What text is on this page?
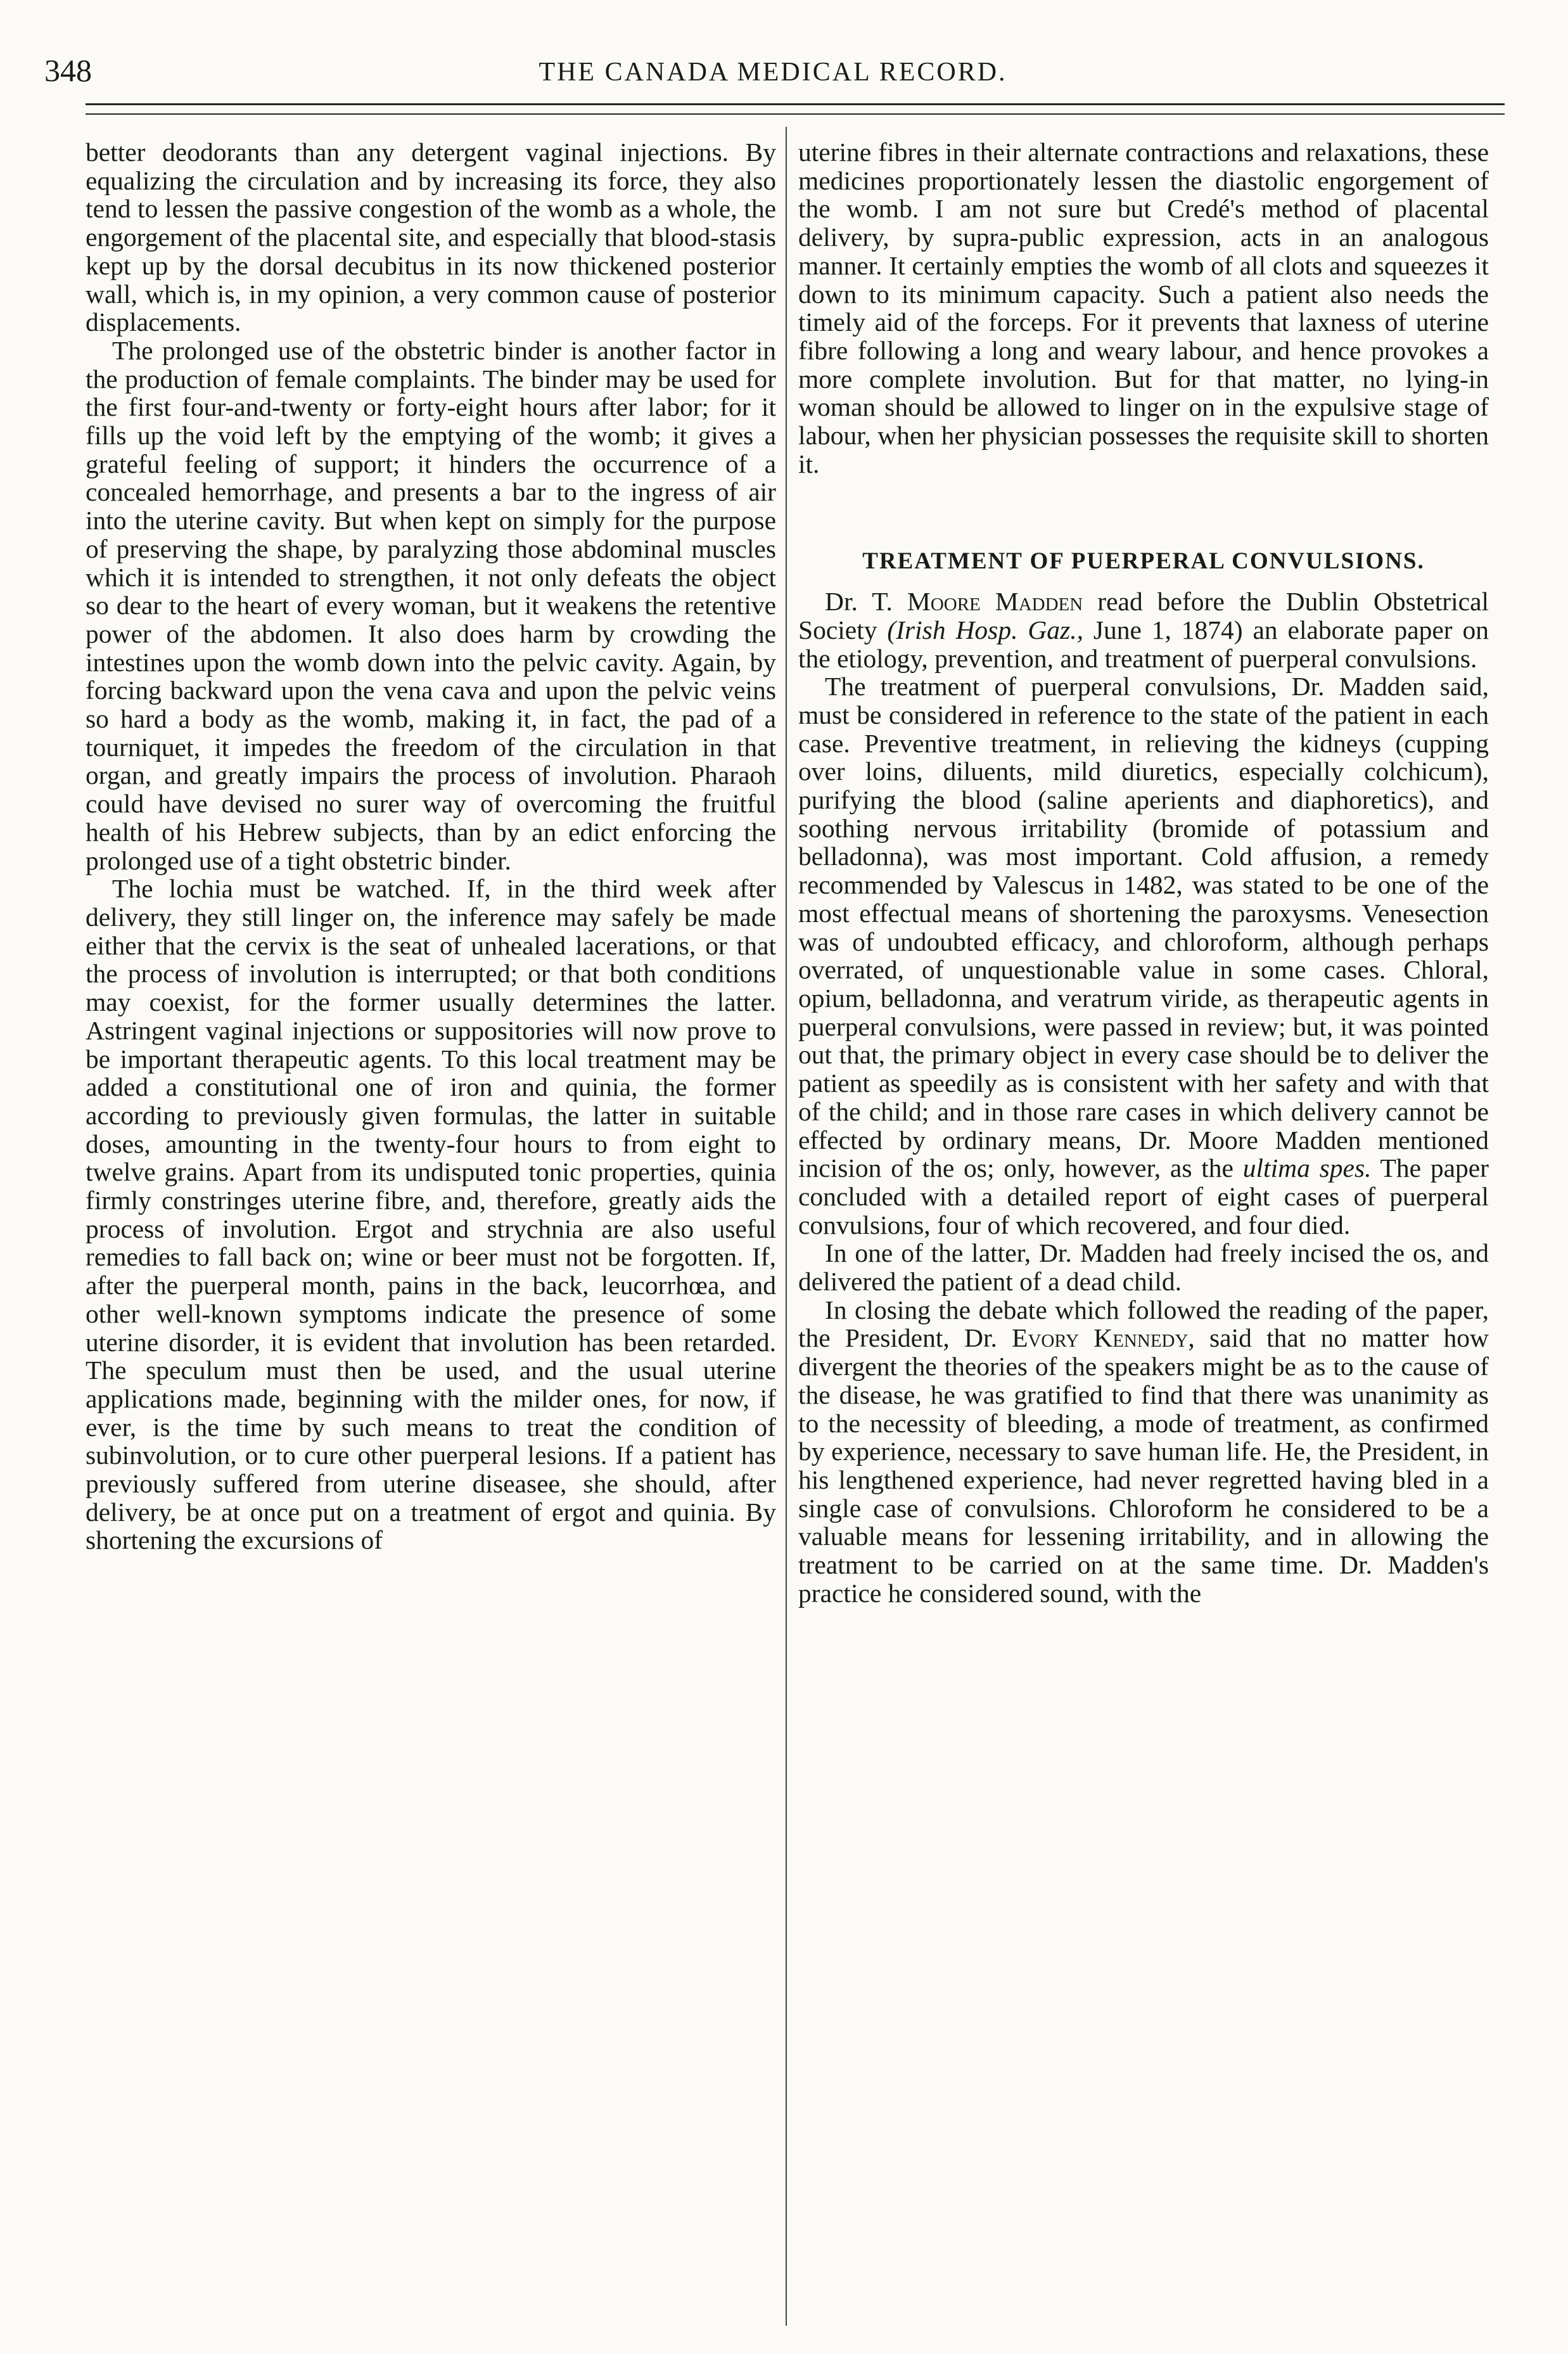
348	THE CANADA MEDICAL RECORD.

better deodorants than any detergent vaginal injections. By equalizing the circulation and by increasing its force, they also tend to lessen the passive congestion of the womb as a whole, the engorgement of the placental site, and especially that blood-stasis kept up by the dorsal decubitus in its now thickened posterior wall, which is, in my opinion, a very common cause of posterior displacements.

The prolonged use of the obstetric binder is another factor in the production of female complaints. The binder may be used for the first four-and-twenty or forty-eight hours after labor; for it fills up the void left by the emptying of the womb; it gives a grateful feeling of support; it hinders the occurrence of a concealed hemorrhage, and presents a bar to the ingress of air into the uterine cavity. But when kept on simply for the purpose of preserving the shape, by paralyzing those abdominal muscles which it is intended to strengthen, it not only defeats the object so dear to the heart of every woman, but it weakens the retentive power of the abdomen. It also does harm by crowding the intestines upon the womb down into the pelvic cavity. Again, by forcing backward upon the vena cava and upon the pelvic veins so hard a body as the womb, making it, in fact, the pad of a tourniquet, it impedes the freedom of the circulation in that organ, and greatly impairs the process of involution. Pharaoh could have devised no surer way of overcoming the fruitful health of his Hebrew subjects, than by an edict enforcing the prolonged use of a tight obstetric binder.

The lochia must be watched. If, in the third week after delivery, they still linger on, the inference may safely be made either that the cervix is the seat of unhealed lacerations, or that the process of involution is interrupted; or that both conditions may coexist, for the former usually determines the latter. Astringent vaginal injections or suppositories will now prove to be important therapeutic agents. To this local treatment may be added a constitutional one of iron and quinia, the former according to previously given formulas, the latter in suitable doses, amounting in the twenty-four hours to from eight to twelve grains. Apart from its undisputed tonic properties, quinia firmly constringes uterine fibre, and, therefore, greatly aids the process of involution. Ergot and strychnia are also useful remedies to fall back on; wine or beer must not be forgotten. If, after the puerperal month, pains in the back, leucorrhœa, and other well-known symptoms indicate the presence of some uterine disorder, it is evident that involution has been retarded. The speculum must then be used, and the usual uterine applications made, beginning with the milder ones, for now, if ever, is the time by such means to treat the condition of subinvolution, or to cure other puerperal lesions. If a patient has previously suffered from uterine diseasee, she should, after delivery, be at once put on a treatment of ergot and quinia. By shortening the excursions of

uterine fibres in their alternate contractions and relaxations, these medicines proportionately lessen the diastolic engorgement of the womb. I am not sure but Credé's method of placental delivery, by supra-public expression, acts in an analogous manner. It certainly empties the womb of all clots and squeezes it down to its minimum capacity. Such a patient also needs the timely aid of the forceps. For it prevents that laxness of uterine fibre following a long and weary labour, and hence provokes a more complete involution. But for that matter, no lying-in woman should be allowed to linger on in the expulsive stage of labour, when her physician possesses the requisite skill to shorten it.

TREATMENT OF PUERPERAL CONVULSIONS.

Dr. T. Moore Madden read before the Dublin Obstetrical Society (Irish Hosp. Gaz., June 1, 1874) an elaborate paper on the etiology, prevention, and treatment of puerperal convulsions.

The treatment of puerperal convulsions, Dr. Madden said, must be considered in reference to the state of the patient in each case. Preventive treatment, in relieving the kidneys (cupping over loins, diluents, mild diuretics, especially colchicum), purifying the blood (saline aperients and diaphoretics), and soothing nervous irritability (bromide of potassium and belladonna), was most important. Cold affusion, a remedy recommended by Valescus in 1482, was stated to be one of the most effectual means of shortening the paroxysms. Venesection was of undoubted efficacy, and chloroform, although perhaps overrated, of unquestionable value in some cases. Chloral, opium, belladonna, and veratrum viride, as therapeutic agents in puerperal convulsions, were passed in review; but, it was pointed out that, the primary object in every case should be to deliver the patient as speedily as is consistent with her safety and with that of the child; and in those rare cases in which delivery cannot be effected by ordinary means, Dr. Moore Madden mentioned incision of the os; only, however, as the ultima spes. The paper concluded with a detailed report of eight cases of puerperal convulsions, four of which recovered, and four died.

In one of the latter, Dr. Madden had freely incised the os, and delivered the patient of a dead child.

In closing the debate which followed the reading of the paper, the President, Dr. Evory Kennedy, said that no matter how divergent the theories of the speakers might be as to the cause of the disease, he was gratified to find that there was unanimity as to the necessity of bleeding, a mode of treatment, as confirmed by experience, necessary to save human life. He, the President, in his lengthened experience, had never regretted having bled in a single case of convulsions. Chloroform he considered to be a valuable means for lessening irritability, and in allowing the treatment to be carried on at the same time. Dr. Madden's practice he considered sound, with the
